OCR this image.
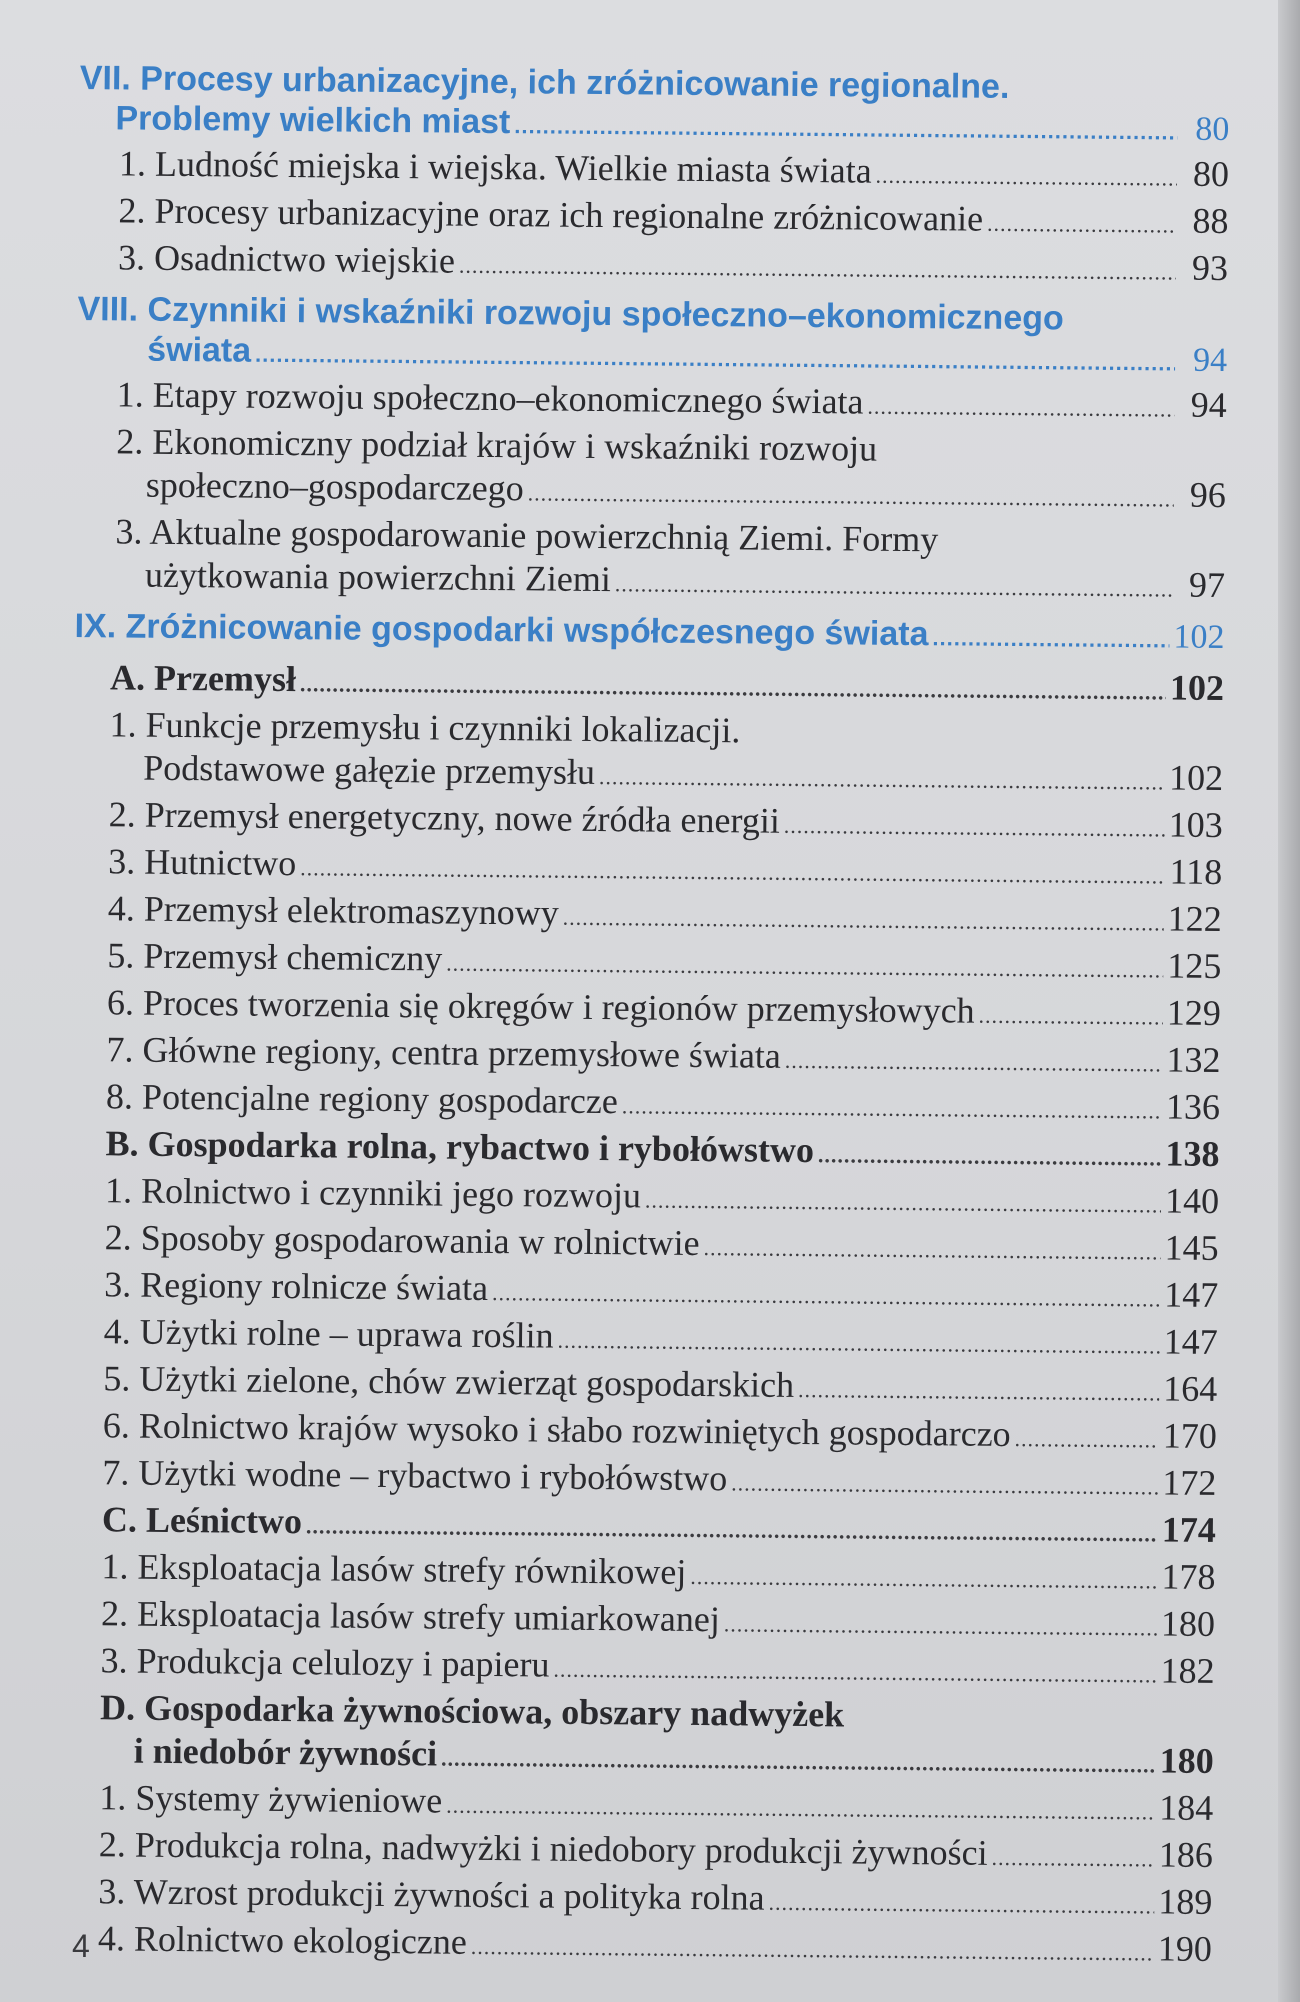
VII. Procesy urbanizacyjne, ich zróżnicowanie regionalne.
Problemy wielkich miast .....	80
1. Ludność miejska i wiejska. Wielkie miasta świata .....	80
2. Procesy urbanizacyjne oraz ich regionalne zróżnicowanie .....	88
3. Osadnictwo wiejskie .....	93
VIII. Czynniki i wskaźniki rozwoju społeczno–ekonomicznego
świata .....	94
1. Etapy rozwoju społeczno–ekonomicznego świata .....	94
2. Ekonomiczny podział krajów i wskaźniki rozwoju
społeczno–gospodarczego .....	96
3. Aktualne gospodarowanie powierzchnią Ziemi. Formy
użytkowania powierzchni Ziemi .....	97
IX. Zróżnicowanie gospodarki współczesnego świata .....	102
A. Przemysł .....	102
1. Funkcje przemysłu i czynniki lokalizacji.
Podstawowe gałęzie przemysłu .....	102
2. Przemysł energetyczny, nowe źródła energii .....	103
3. Hutnictwo .....	118
4. Przemysł elektromaszynowy .....	122
5. Przemysł chemiczny .....	125
6. Proces tworzenia się okręgów i regionów przemysłowych .....	129
7. Główne regiony, centra przemysłowe świata .....	132
8. Potencjalne regiony gospodarcze .....	136
B. Gospodarka rolna, rybactwo i rybołówstwo .....	138
1. Rolnictwo i czynniki jego rozwoju .....	140
2. Sposoby gospodarowania w rolnictwie .....	145
3. Regiony rolnicze świata .....	147
4. Użytki rolne – uprawa roślin .....	147
5. Użytki zielone, chów zwierząt gospodarskich .....	164
6. Rolnictwo krajów wysoko i słabo rozwiniętych gospodarczo .....	170
7. Użytki wodne – rybactwo i rybołówstwo .....	172
C. Leśnictwo .....	174
1. Eksploatacja lasów strefy równikowej .....	178
2. Eksploatacja lasów strefy umiarkowanej .....	180
3. Produkcja celulozy i papieru .....	182
D. Gospodarka żywnościowa, obszary nadwyżek
i niedobór żywności .....	180
1. Systemy żywieniowe .....	184
2. Produkcja rolna, nadwyżki i niedobory produkcji żywności .....	186
3. Wzrost produkcji żywności a polityka rolna .....	189
4. Rolnictwo ekologiczne .....	190
4
